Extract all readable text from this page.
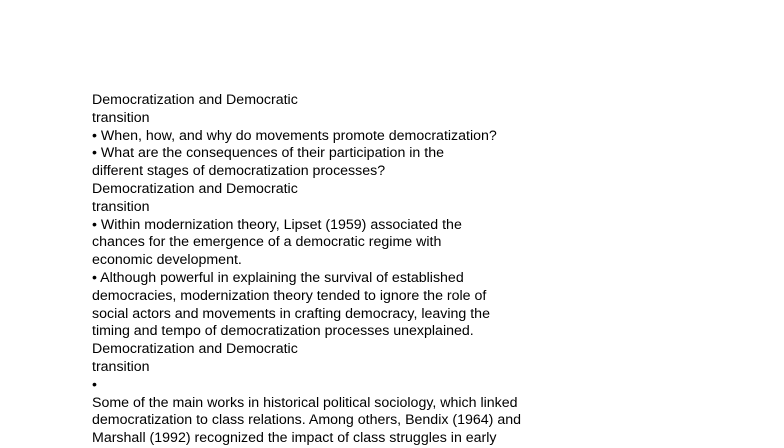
Democratization and Democratic
transition
• When, how, and why do movements promote democratization?
• What are the consequences of their participation in the
different stages of democratization processes?
Democratization and Democratic
transition
• Within modernization theory, Lipset (1959) associated the
chances for the emergence of a democratic regime with
economic development.
• Although powerful in explaining the survival of established
democracies, modernization theory tended to ignore the role of
social actors and movements in crafting democracy, leaving the
timing and tempo of democratization processes unexplained.
Democratization and Democratic
transition
•
Some of the main works in historical political sociology, which linked
democratization to class relations. Among others, Bendix (1964) and
Marshall (1992) recognized the impact of class struggles in early
